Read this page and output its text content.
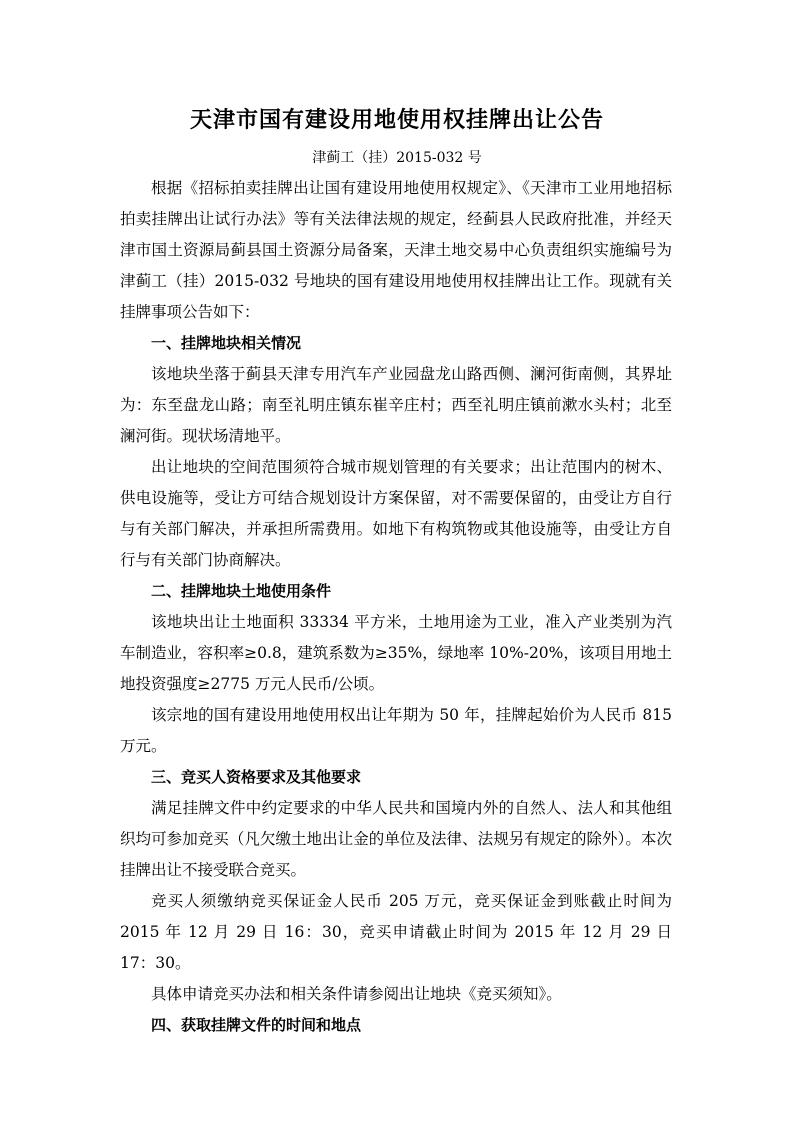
天津市国有建设用地使用权挂牌出让公告
津蓟工（挂）2015-032 号

根据《招标拍卖挂牌出让国有建设用地使用权规定》、《天津市工业用地招标拍卖挂牌出让试行办法》等有关法律法规的规定，经蓟县人民政府批准，并经天津市国土资源局蓟县国土资源分局备案，天津土地交易中心负责组织实施编号为津蓟工（挂）2015-032 号地块的国有建设用地使用权挂牌出让工作。现就有关挂牌事项公告如下：

一、挂牌地块相关情况

该地块坐落于蓟县天津专用汽车产业园盘龙山路西侧、澜河街南侧，其界址为：东至盘龙山路；南至礼明庄镇东崔辛庄村；西至礼明庄镇前漱水头村；北至澜河街。现状场清地平。

出让地块的空间范围须符合城市规划管理的有关要求；出让范围内的树木、供电设施等，受让方可结合规划设计方案保留，对不需要保留的，由受让方自行与有关部门解决，并承担所需费用。如地下有构筑物或其他设施等，由受让方自行与有关部门协商解决。

二、挂牌地块土地使用条件

该地块出让土地面积 33334 平方米，土地用途为工业，准入产业类别为汽车制造业，容积率≥0.8，建筑系数为≥35%，绿地率 10%-20%，该项目用地土地投资强度≥2775 万元人民币/公顷。

该宗地的国有建设用地使用权出让年期为 50 年，挂牌起始价为人民币 815 万元。

三、竞买人资格要求及其他要求

满足挂牌文件中约定要求的中华人民共和国境内外的自然人、法人和其他组织均可参加竞买（凡欠缴土地出让金的单位及法律、法规另有规定的除外）。本次挂牌出让不接受联合竞买。

竞买人须缴纳竞买保证金人民币 205 万元，竞买保证金到账截止时间为 2015 年 12 月 29 日 16：30，竞买申请截止时间为 2015 年 12 月 29 日 17：30。

具体申请竞买办法和相关条件请参阅出让地块《竞买须知》。

四、获取挂牌文件的时间和地点
